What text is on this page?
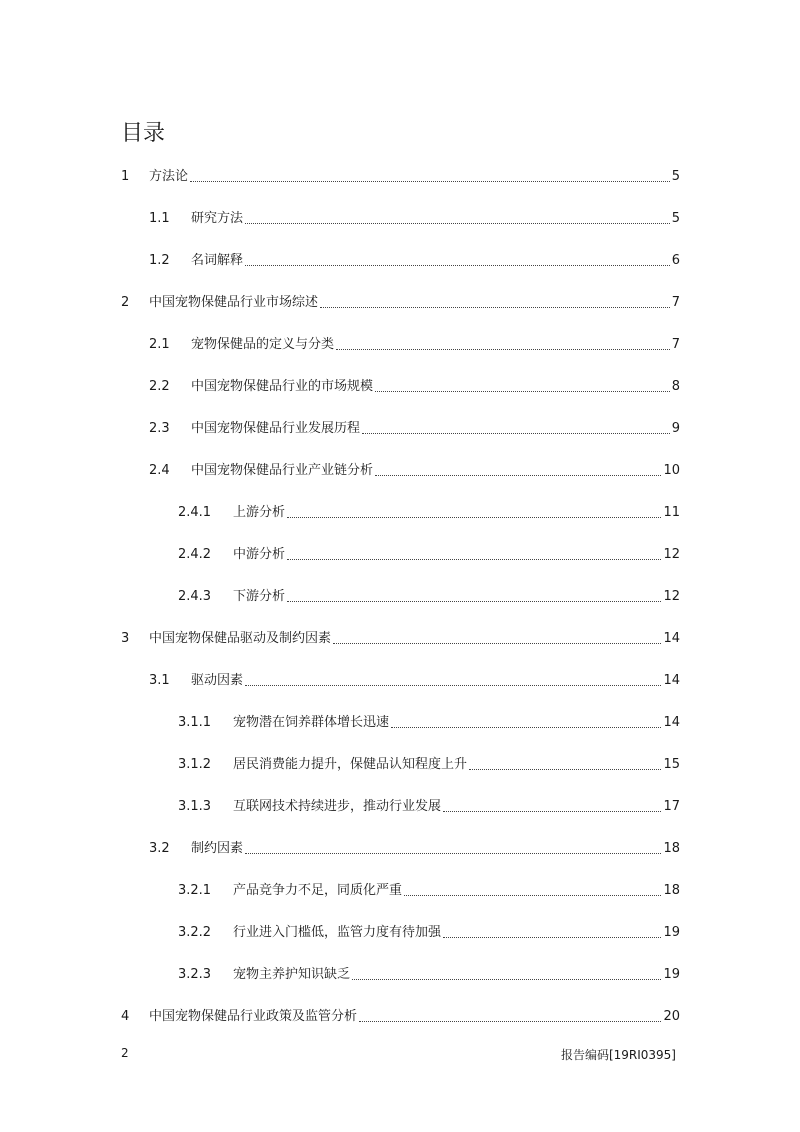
目录
1	方法论	5
1.1	研究方法	5
1.2	名词解释	6
2	中国宠物保健品行业市场综述	7
2.1	宠物保健品的定义与分类	7
2.2	中国宠物保健品行业的市场规模	8
2.3	中国宠物保健品行业发展历程	9
2.4	中国宠物保健品行业产业链分析	10
2.4.1	上游分析	11
2.4.2	中游分析	12
2.4.3	下游分析	12
3	中国宠物保健品驱动及制约因素	14
3.1	驱动因素	14
3.1.1	宠物潜在饲养群体增长迅速	14
3.1.2	居民消费能力提升，保健品认知程度上升	15
3.1.3	互联网技术持续进步，推动行业发展	17
3.2	制约因素	18
3.2.1	产品竞争力不足，同质化严重	18
3.2.2	行业进入门槛低，监管力度有待加强	19
3.2.3	宠物主养护知识缺乏	19
4	中国宠物保健品行业政策及监管分析	20
2	报告编码[19RI0395]
